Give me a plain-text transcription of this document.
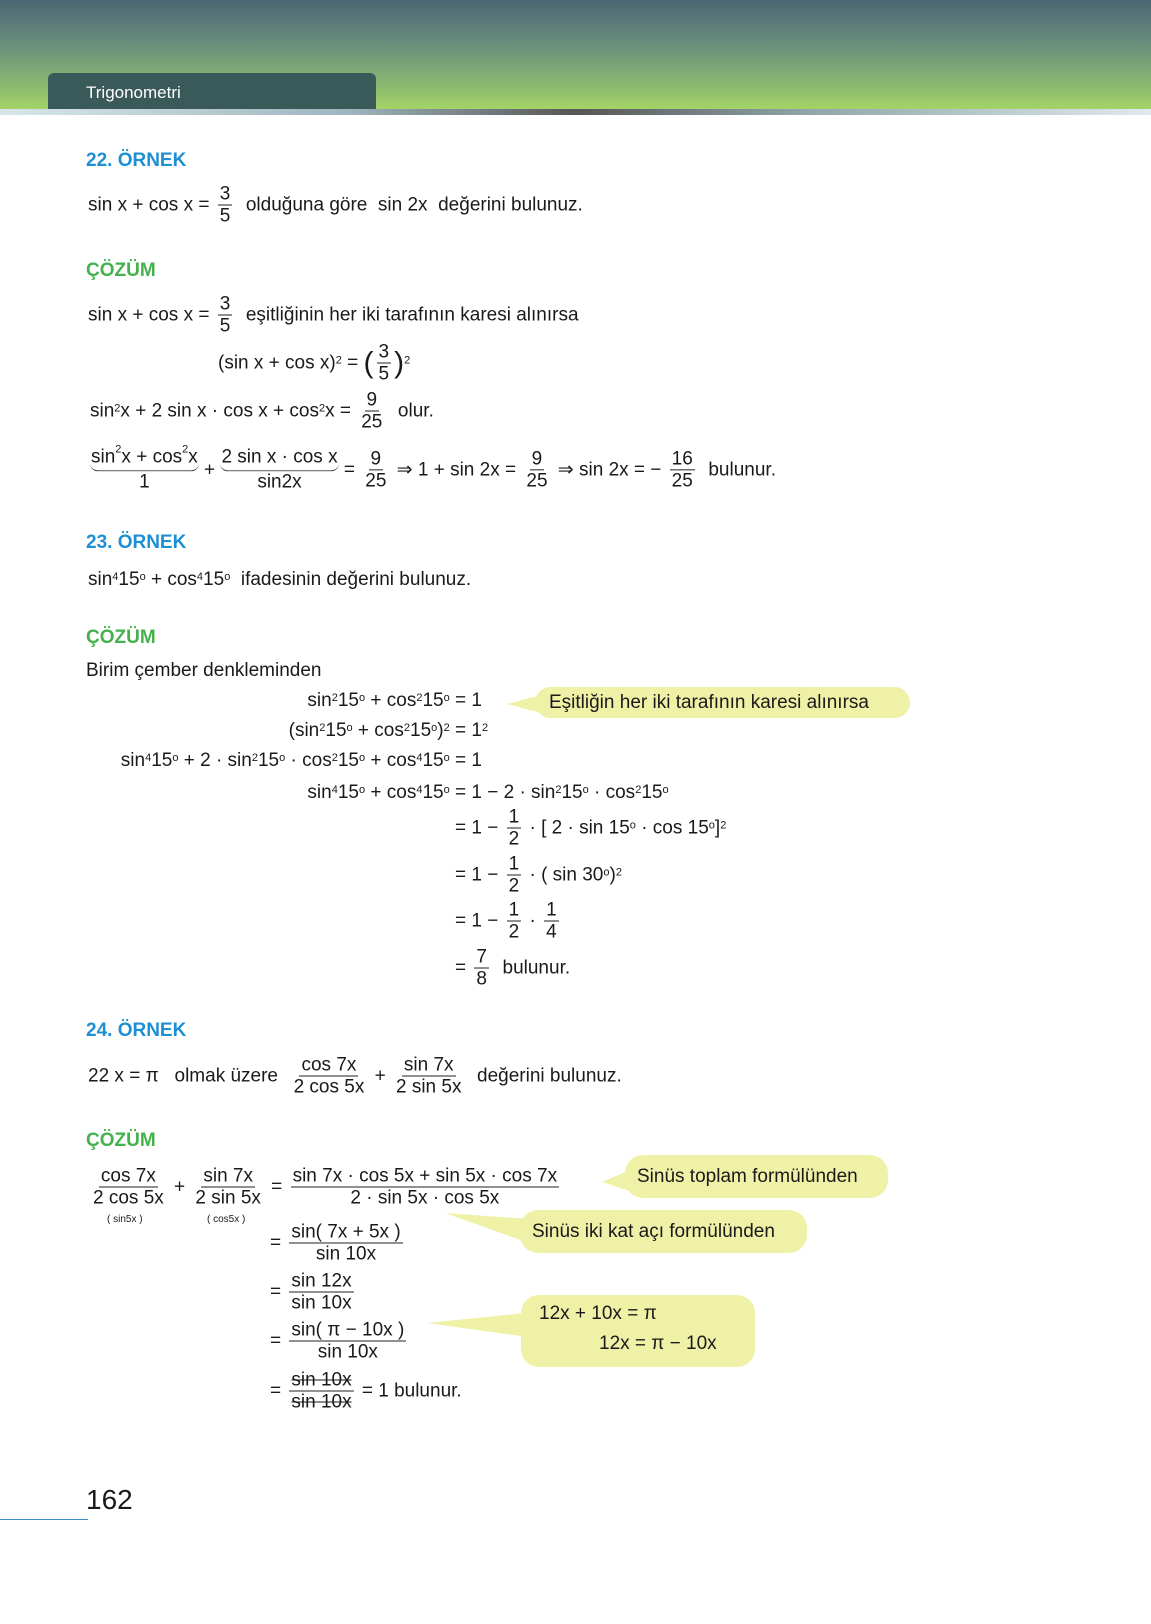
Trigonometri
22. ÖRNEK
$\sin x + \cos x = \frac{3}{5}$ olduğuna göre  sin 2x  değerini bulunuz.
ÇÖZÜM
$\sin x + \cos x = \frac{3}{5}$ eşitliğinin her iki tarafının karesi alınırsa
(sin x + cos x)$^2$ = ( $\frac{3}{5} )^2$
$\sin^2 x + 2$ $\sin x \cdot \cos x + \cos^2 x = \frac{9}{25}$ olur.
$\sin^2x + \cos^2x$
1
+ $\frac{\text{2 sin x · cos x}}{\sin 2x} = \frac{9}{25}$ ⇒ $1 + \sin 2x = \frac{9}{25}$ ⇒ sin 2x = − $\frac{16}{25}$ bulunur.
23. ÖRNEK
$\sin^4 15^o + \cos^4 15^o$ ifadesinin değerini bulunuz.
ÇÖZÜM
Birim çember denkleminden
$\sin^2 15^o + \cos^2 15^o$
= 1
($\sin^2$ $15^o + \cos^2 15^o$ )$^2$
= $1^2$
$\sin^4 15^o + 2 \cdot \sin^2 15^o \cdot \cos^2 15^o + \cos^4 15^o$
= 1
$\sin^4 15^o + \cos^4 15^o$
= $1 - 2 \cdot \sin^2 15^o \cdot \cos^2 15^o$
= $1 - \frac{1}{2}$ · [ $2 \cdot \sin 15^o \cdot \cos 15^o$ ]$^2$
= $1 - \frac{1}{2}$ · ( sin 30$^o$ )$^2$
= $1 - \frac{1}{2} \cdot \frac{1}{4}$
= $\frac{7}{8}$ bulunur.
Eşitliğin her iki tarafının karesi alınırsa
24. ÖRNEK
22 x = π   olmak üzere $\frac{\cos 7x}{2 \cos 5x} + \frac{\sin 7x}{2 \sin 5x}$ değerini bulunuz.
ÇÖZÜM
$\frac{\cos 7x}{2 \cos 5x} + \frac{\sin 7x}{2 \sin 5x} = \frac{\sin 7x \cdot \cos 5x + \sin 5x \cdot \cos 7x}{2 \cdot \sin 5x \cdot \cos 5x}$
( sin5x )	( cos5x )
= $\frac{\sin( 7x + 5x )}{\sin 10x}$
= $\frac{\sin 12x}{\sin 10x}$
= $\frac{\sin( \pi - 10x )}{\sin 10x}$
= $\frac{\sin 10x}{\sin 10x} = 1$ bulunur.
Sinüs toplam formülünden
Sinüs iki kat açı formülünden
12x + 10x = π
12x = π − 10x
162
